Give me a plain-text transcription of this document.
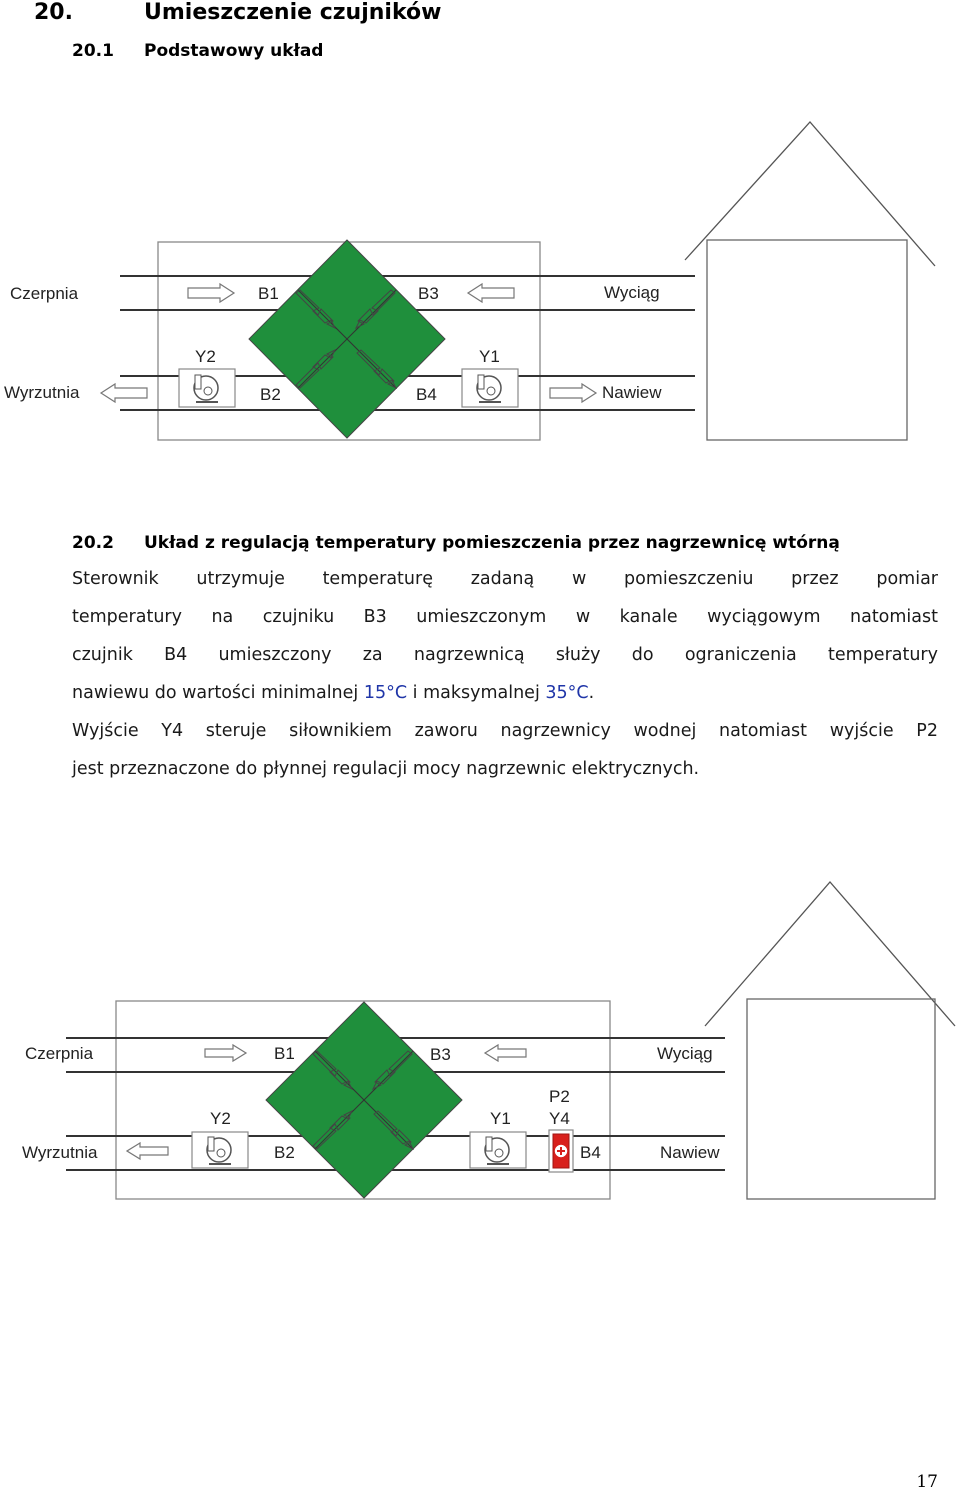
20.	Umieszczenie czujników
20.1 Podstawowy układ
Czerpnia	B1	B3	Wyciąg
Y2	Y1
Wyrzutnia	B2	B4	Nawiew
20.2 Układ z regulacją temperatury pomieszczenia przez nagrzewnicę wtórną
Sterownik utrzymuje temperaturę zadaną w pomieszczeniu przez pomiar
temperatury na czujniku B3 umieszczonym w kanale wyciągowym natomiast
czujnik B4 umieszczony za nagrzewnicą służy do ograniczenia temperatury
nawiewu do wartości minimalnej 15°C i maksymalnej 35°C.
Wyjście Y4 steruje siłownikiem zaworu nagrzewnicy wodnej natomiast wyjście P2
jest przeznaczone do płynnej regulacji mocy nagrzewnic elektrycznych.
Czerpnia	B1	B3	Wyciąg
P2
Y2	Y1 Y4
Wyrzutnia	B2	B4	Nawiew
17
